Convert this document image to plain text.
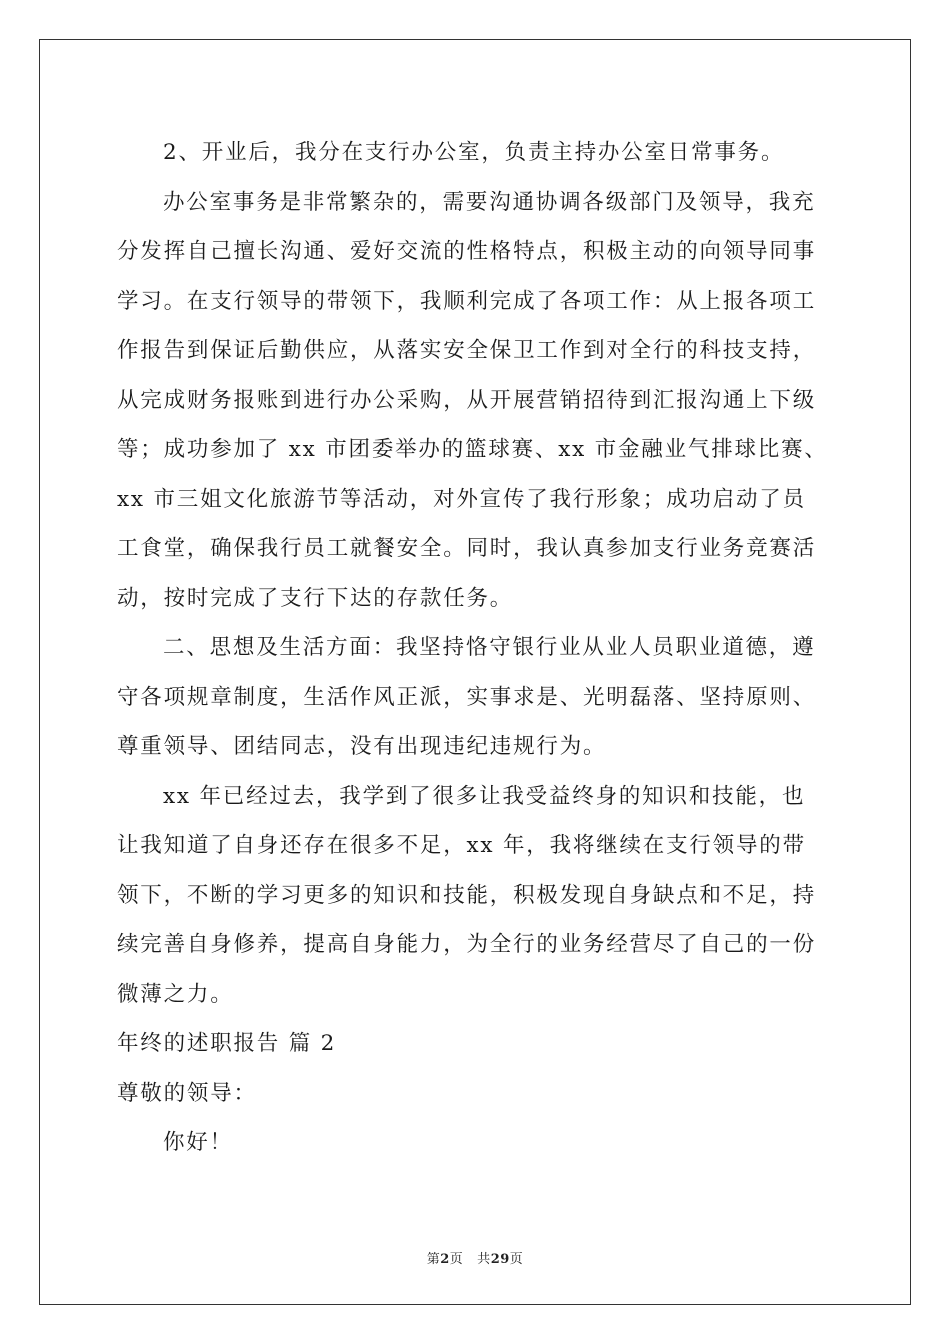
2、开业后，我分在支行办公室，负责主持办公室日常事务。
办公室事务是非常繁杂的，需要沟通协调各级部门及领导，我充
分发挥自己擅长沟通、爱好交流的性格特点，积极主动的向领导同事
学习。在支行领导的带领下，我顺利完成了各项工作：从上报各项工
作报告到保证后勤供应，从落实安全保卫工作到对全行的科技支持，
从完成财务报账到进行办公采购，从开展营销招待到汇报沟通上下级
等；成功参加了 xx 市团委举办的篮球赛、xx 市金融业气排球比赛、
xx 市三姐文化旅游节等活动，对外宣传了我行形象；成功启动了员
工食堂，确保我行员工就餐安全。同时，我认真参加支行业务竞赛活
动，按时完成了支行下达的存款任务。
二、思想及生活方面：我坚持恪守银行业从业人员职业道德，遵
守各项规章制度，生活作风正派，实事求是、光明磊落、坚持原则、
尊重领导、团结同志，没有出现违纪违规行为。
xx 年已经过去，我学到了很多让我受益终身的知识和技能，也
让我知道了自身还存在很多不足，xx 年，我将继续在支行领导的带
领下，不断的学习更多的知识和技能，积极发现自身缺点和不足，持
续完善自身修养，提高自身能力，为全行的业务经营尽了自己的一份
微薄之力。
年终的述职报告 篇 2
尊敬的领导：
你好！
第2页 共29页
